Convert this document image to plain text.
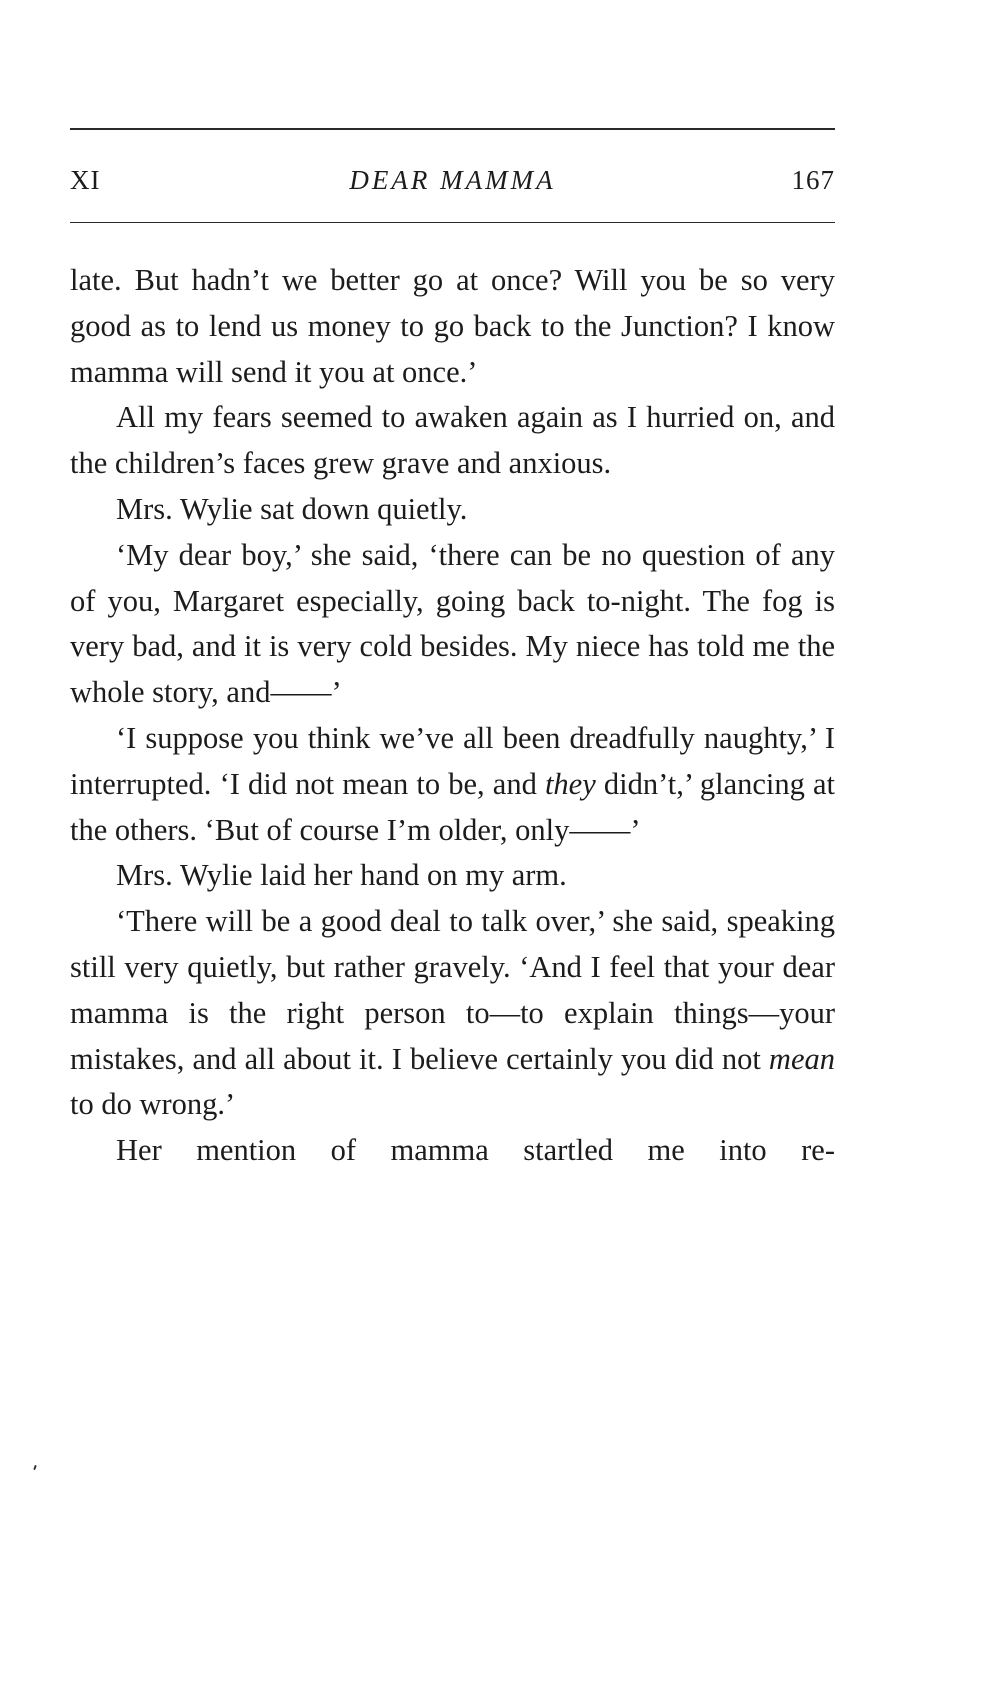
XI	DEAR MAMMA	167

late. But hadn’t we better go at once? Will you be so very good as to lend us money to go back to the Junction? I know mamma will send it you at once.’

All my fears seemed to awaken again as I hurried on, and the children’s faces grew grave and anxious.

Mrs. Wylie sat down quietly.

‘My dear boy,’ she said, ‘there can be no question of any of you, Margaret especially, going back to-night. The fog is very bad, and it is very cold besides. My niece has told me the whole story, and——’

‘I suppose you think we’ve all been dreadfully naughty,’ I interrupted. ‘I did not mean to be, and they didn’t,’ glancing at the others. ‘But of course I’m older, only——’

Mrs. Wylie laid her hand on my arm.

‘There will be a good deal to talk over,’ she said, speaking still very quietly, but rather gravely. ‘And I feel that your dear mamma is the right person to—to explain things—your mistakes, and all about it. I believe certainly you did not mean to do wrong.’

Her mention of mamma startled me into re-
